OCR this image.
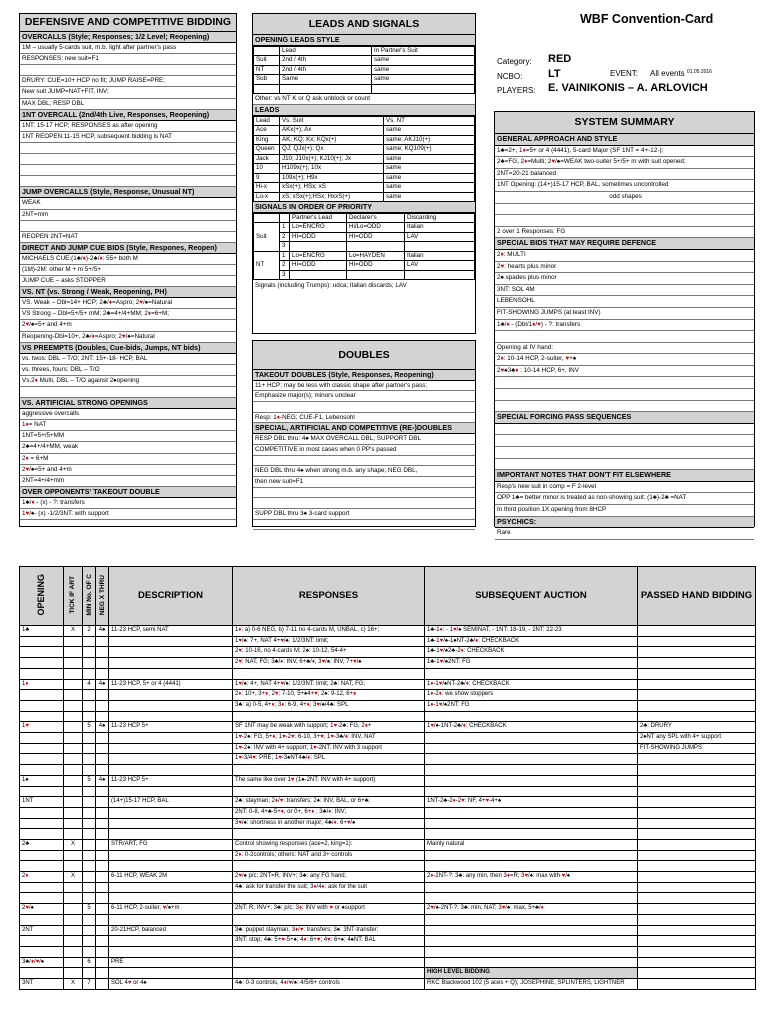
DEFENSIVE AND COMPETITIVE BIDDING
OVERCALLS (Style; Responses; 1/2 Level; Reopening)
1M – usually 5-cards suit, m.b. light after partner's pass
RESPONSES: new suit=F1
DRURY: CUE=10+ HCP no fit; JUMP RAISE=PRE;
New suit JUMP=NAT+FIT, INV;
MAX DBL; RESP DBL
1NT OVERCALL (2nd/4th Live, Responses, Reopening)
1NT: 15-17 HCP; RESPONSES as after opening
1NT REOPEN:11-15 HCP, subsequent bidding is NAT
JUMP OVERCALLS (Style, Response, Unusual NT)
WEAK
2NT=mm
REOPEN 2NT=NAT
DIRECT AND JUMP CUE BIDS (Style, Respones, Reopen)
MICHAELS CUE:(1♣/♦)-2♣/♦: 55+ both M
(1M)-2M: other M + m 5+/5+
JUMP CUE – asks STOPPER
VS. NT (vs. Strong / Weak, Reopening, PH)
VS. Weak – Dbl=14+ HCP; 2♣/♦=Aspro; 2♥/♠=Natural
VS Strong – Dbl=5+/5+ mM; 2♣=4+/4+MM; 2♦=6+M;
2♥/♠=5+ and 4+m
Reopening-Dbl=10+, 2♣/♦=Aspro; 2♥/♠=Natural
VS PREEMPTS (Doubles, Cue-bids, Jumps, NT bids)
vs. twos: DBL – T/O; 2NT: 15+-18- HCP, BAL
vs. threes, fours: DBL – T/O
Vs.2♦ Multi, DBL – T/O against 2♠opening
VS. ARTIFICIAL STRONG OPENINGS
aggressive overcalls
1♦= NAT
1NT=5+/5+MM
2♣=4+/4+MM, weak
2♦ = 6+M
2♥/♠=5+ and 4+m
2NT=4+/4+mm
OVER OPPONENTS' TAKEOUT DOUBLE
1♣/♦ - (x) - ?: transfers
1♥/♠- (x) -1/2/3NT: with support
LEADS AND SIGNALS
OPENING LEADS STYLE
	Lead	In Partner's Suit
Suit	2nd / 4th	same
NT	2nd / 4th	same
Sub	Same	same

Other: vs NT K or Q ask unblock or count
LEADS
Lead	Vs. Suit	Vs. NT
Ace	AKx(+); Ax	same
King	AK; KQ; Kx; KQx(+)	same; AKJ10(+)
Queen	QJ; QJx(+); Qx	same; KQ109(+)
Jack	J10; J10x(+); KJ10(+); Jx	same
10	H109x(+); 10x	same
9	109x(+); H9x	same
Hi-x	xSx(+); HSx; xS	same
Lo-x	xS; xSx(+);HSx; HxxS(+)	same
SIGNALS IN ORDER OF PRIORITY
		Partner's Lead	Declarer's	Discarding
Suit	1	Lo=ENCRG	Hi/Lo=ODD	Italian
	2	HI=ODD	HI=ODD	LAV
	3			
NT	1	Lo=ENCRG	Lo=HAYDEN	Italian
	2	HI=ODD	HI=ODD	LAV
	3			
Signals (including Trumps): udca; Italian discards; LAV
DOUBLES
TAKEOUT DOUBLES (Style, Responses, Reopening)
11+ HCP; may be less with classic shape after partner's pass;
Emphasize major(s); minors unclear
Resp: 1♦-NEG; CUE-F1, Lebensohl
SPECIAL, ARTIFICIAL AND COMPETITIVE (RE-)DOUBLES
RESP DBL thru: 4♠ MAX OVERCALL DBL; SUPPORT DBL
COMPETITIVE in most cases when 0 PP's passed
NEG DBL thru 4♠ when strong m.b. any shape; NEG DBL,
then new suit=F1
SUPP DBL thru 3♠ 3-card support
WBF Convention-Card
Category: RED
NCBO: LT	EVENT: All events $^{01.05.2016}$
PLAYERS: E. VAINIKONIS – A. ARLOVICH
SYSTEM SUMMARY
GENERAL APPROACH AND STYLE
1♣=2+, 1♦=5+ or 4 (4441), 5-card Major (SF 1NT = 4+-12-);
2♣=FG, 2♦=Multi; 2♥/♠=WEAK two-suiter 5+/5+ m with suit opened;
2NT=20-21 balanced
1NT Opening: (14+)15-17 HCP, BAL, sometimes uncontrolled
odd shapes
2 over 1 Responses: FG
SPECIAL BIDS THAT MAY REQUIRE DEFENCE
2♦: MULTI
2♥: hearts plus minor
2♠ spades plus minor
3NT: SOL 4M
LEBENSOHL
FIT-SHOWING JUMPS (at least INV)
1♣/♦ - (Dbl/1♦/♥) - ?: transfers
Opening at IV hand:
2♦: 10-14 HCP, 2-suiter, ♥+♠
2♥♠3♣♦ : 10-14 HCP, 6+, INV
SPECIAL FORCING PASS SEQUENCES
IMPORTANT NOTES THAT DON'T FIT ELSEWHERE
Resp's new suit in comp = F 2-level
OPP 1♣= better minor is treated as non-showing suit: (1♣)-2♣ =NAT
In third position 1X opening from 8HCP
PSYCHICS:
Rare
OPENING	TICK IF ART	MIN No. OF C	NEG X THRU	DESCRIPTION	RESPONSES	SUBSEQUENT AUCTION	PASSED HAND BIDDING
1♣	X	2	4♠	11-23 HCP, semi NAT	1♦: a) 0-6 NEG, b) 7-11 no 4-cards M, UNBAL, c) 16+;	1♣-1♦: - 1♥/♠ SEMINAT, - 1NT: 18-19, - 2NT: 22-23	
					1♥/♠: 7+, NAT 4+♥/♠; 1/2/3NT: limit;	1♣-1♥/♠-1♠NT-2♣/♦: CHECKBACK	
					2♥: 10-16, no 4-cards M; 2♠: 10-12, 54-4+	1♣-1♥/♠2♣-2♦: CHECKBACK	
					2♥: NAT, FG; 3♣/♦: INV, 6+♣/♦; 3♥/♠: INV, 7+♥/♠	1♣-1♥/♠2NT: FG	

1♦		4	4♠	11-23 HCP, 5+ or 4 (4441)	1♥/♠: 4+, NAT 4+♥/♠; 1/2/3NT: limit; 2♣: NAT, FG;	1♦-1♥/♠NT-2♣/♦: CHECKBACK	
					2♦: 10+, 3+♦; 2♥: 7-10, 5+♠4+♥; 2♠: 9-12, 6+♦	1♦-2♦: we show stoppers	
					3♣: a) 0-5, 4+♦; 3♦: 6-9, 4+♦; 3♥/♠/4♣: SPL	1♦-1♥/♠2NT: FG	

1♥		5	4♠	11-23 HCP 5+	SF 1NT may be weak with support; 1♥-2♣: FG, 2♦+	1♥/♠-1NT-2♣/♦: CHECKBACK	2♣: DRURY
					1♥-2♠: FG, 5+♦; 1♥-2♥: 6-10, 3+♥; 1♥-3♣/♦: INV, NAT		2♠NT any SPL with 4+ support
					1♥-2♠: INV with 4+ support; 1♥-2NT: INV with 3 support		FIT-SHOWING JUMPS
					1♥-3/4♥: PRE; 1♥-3♠NT4♣/♦: SPL		

1♠		5	4♠	11-23 HCP 5+	The same like over 1♥ (1♠-2NT: INV with 4+ support)		

1NT				(14+)15-17 HCP, BAL	2♣: stayman; 2♦/♥: transfers; 2♠: INV, BAL, or 6+♣;	1NT-2♣-2♦-2♥: NF, 4+♥-4+♠	
					2NT: 0-8, 4+♣-5+♦, or 0+, 6+♦ ; 3♣/♦: INV;		
					3♥/♠: shortness in another major; 4♣/♦: 6+♥/♠		

2♣	X			STR/ART, FG	Control showing responses (ace=2, king=1):	Mainly natural	
					2♦: 0-2controls; others: NAT and 3+ controls		

2♦	X			6-11 HCP, WEAK 2M	2♥/♠ p/c; 2NT=R, INV+; 3♣: any FG hand;	2♦-2NT-?: 3♣: any min, then 3♦=R; 3♥/♠: max with ♥/♠	
					4♣: ask for transfer the suit; 3♦/4♦: ask for the suit		

2♥/♠		5		6-11 HCP, 2-suiter, ♥/♠+m	2NT: R, INV+; 3♣: p/c; 3♦: INV with ♥ or ♠support	2♥/♠-2NT-?: 3♣: min, NAT; 3♥/♠: max, 5+♣/♦	

2NT				20-21HCP, balanced	3♣: puppet stayman; 3♦/♥: transfers; 3♠: 3NT-transfer;		
					3NT: stop; 4♣: 5+♥-5+♠; 4♦: 6+♥; 4♥: 6+♠; 4♠NT: BAL		

3♣/♦/♥/♠		6		PRE			
						HIGH LEVEL BIDDING	
3NT	X	7		SOL 4♥ or 4♠	4♣: 0-3 controls, 4♦/♥/♠: 4/5/6+ controls	RKC Blackwood 102 (5 aces + Q); JOSEPHINE, SPLINTERS, LIGHTNER	
